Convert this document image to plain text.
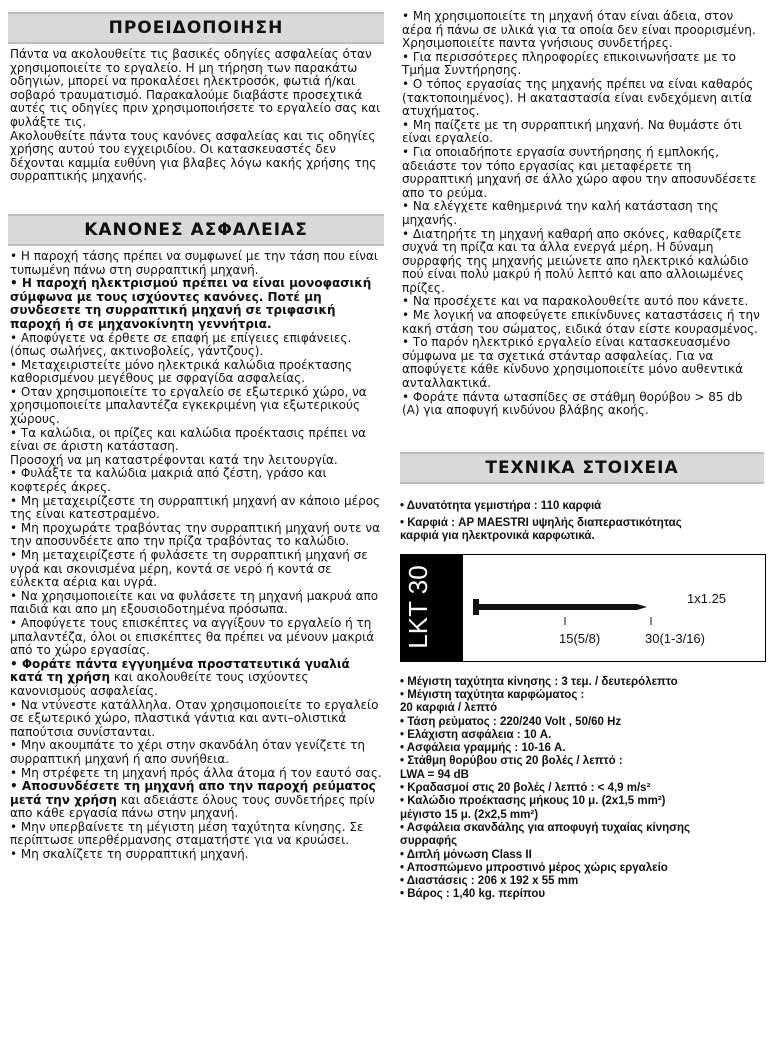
ΠΡΟΕΙΔΟΠΟΙΗΣΗ

Πάντα να ακολουθείτε τις βασικές οδηγίες ασφαλείας όταν χρησιμοποιείτε το εργαλείο. Η μη τήρηση των παρακάτω οδηγιών, μπορεί να προκαλέσει ηλεκτροσόκ, φωτιά ή/και σοβαρό τραυματισμό. Παρακαλούμε διαβάστε προσεχτικά αυτές τις οδηγίες πριν χρησιμοποιήσετε το εργαλείο σας και φυλάξτε τις.

Ακολουθείτε πάντα τους κανόνες ασφαλείας και τις οδηγίες χρήσης αυτού του εγχειριδίου. Οι κατασκευαστές δεν δέχονται καμμία ευθύνη για βλαβες λόγω κακής χρήσης της συρραπτικής μηχανής.

ΚΑΝΟΝΕΣ ΑΣΦΑΛΕΙΑΣ

• Η παροχή τάσης πρέπει να συμφωνεί με την τάση που είναι τυπωμένη πάνω στη συρραπτική μηχανή.

• Η παροχή ηλεκτρισμού πρέπει να είναι μονοφασική σύμφωνα με τους ισχύοντες κανόνες. Ποτέ μη συνδεσετε τη συρραπτική μηχανή σε τριφασική παροχή ή σε μηχανοκίνητη γεννήτρια.

• Αποφύγετε να έρθετε σε επαφή με επίγειες επιφάνειες. (όπως σωλήνες, ακτινοβολείς, γάντζους).

• Μεταχειριστείτε μόνο ηλεκτρικά καλώδια προέκτασης καθορισμένου μεγέθους με σφραγίδα ασφαλείας.

• Οταν χρησιμοποιείτε το εργαλείο σε εξωτερικό χώρο, να χρησιμοποιείτε μπαλαντέζα εγκεκριμένη για εξωτερικούς χώρους.

• Τα καλώδια, οι πρίζες και καλώδια προέκτασις πρέπει να είναι σε άριστη κατάσταση.

Προσοχή να μη καταστρέφονται κατά την λειτουργία.

• Φυλάξτε τα καλώδια μακριά από ζέστη, γράσο και κοφτερές άκρες.

• Μη μεταχειρίζεστε τη συρραπτική μηχανή αν κάποιο μέρος της είναι κατεστραμένο.

• Μη προχωράτε τραβόντας την συρραπτική μηχανή ουτε να την αποσυνδέετε απο την πρίζα τραβόντας το καλώδιο.

• Μη μεταχειρίζεστε ή φυλάσετε τη συρραπτική μηχανή σε υγρά και σκονισμένα μέρη, κοντά σε νερό ή κοντά σε εύλεκτα αέρια και υγρά.

• Να χρησιμοποιείτε και να φυλάσετε τη μηχανή μακρυά απο παιδιά και απο μη εξουσιοδοτημένα πρόσωπα.

• Αποφύγετε τους επισκέπτες να αγγίξουν το εργαλείο ή τη μπαλαντέζα, όλοι οι επισκέπτες θα πρέπει να μένουν μακριά από το χώρο εργασίας.

• Φοράτε πάντα εγγυημένα προστατευτικά γυαλιά κατά τη χρήση και ακολουθείτε τους ισχύοντες κανονισμούς ασφαλείας.

• Να ντύνεστε κατάλληλα. Οταν χρησιμοποιείτε το εργαλείο σε εξωτερικό χώρο, πλαστικά γάντια και αντι–ολιστικά παπούτσια συνίστανται.

• Μην ακουμπάτε το χέρι στην σκανδάλη όταν γενίζετε τη συρραπτική μηχανή ή απο συνήθεια.

• Μη στρέφετε τη μηχανή πρός άλλα άτομα ή τον εαυτό σας.

• Αποσυνδέσετε τη μηχανή απο την παροχή ρεύματος μετά την χρήση και αδειάστε όλους τους συνδετήρες πρίν απο κάθε εργασία πάνω στην μηχανή.

• Μην υπερβαίνετε τη μέγιστη μέση ταχύτητα κίνησης. Σε περίπτωσε υπερθέρμανσης σταματήστε για να κρυώσει.

• Μη σκαλίζετε τη συρραπτική μηχανή.

• Μη χρησιμοποιείτε τη μηχανή όταν είναι άδεια, στον αέρα ή πάνω σε υλικά για τα οποία δεν είναι προορισμένη. Χρησιμοποιείτε παντα γνήσιους συνδετήρες.

• Για περισσότερες πληροφορίες επικοινωνήσατε με το Τμήμα Συντήρησης.

• Ο τόπος εργασίας της μηχανής πρέπει να είναι καθαρός (τακτοποιημένος). Η ακαταστασία είναι ενδεχόμενη αιτία ατυχήματος.

• Μη παίζετε με τη συρραπτική μηχανή. Να θυμάστε ότι είναι εργαλείο.

• Για οποιαδήποτε εργασία συντήρησης ή εμπλοκής, αδειάστε τον τόπο εργασίας και μεταφέρετε τη συρραπτική μηχανή σε άλλο χώρο αφου την αποσυνδέσετε απο το ρεύμα.

• Να ελέγχετε καθημερινά την καλή κατάσταση της μηχανής.

• Διατηρήτε τη μηχανή καθαρή απο σκόνες, καθαρίζετε συχνά τη πρίζα και τα άλλα ενεργά μέρη. Η δύναμη συρραφής της μηχανής μειώνετε απο ηλεκτρικό καλώδιο πού είναι πολύ μακρύ ή πολύ λεπτό και απο αλλοιωμένες πρίζες.

• Να προσέχετε και να παρακολουθείτε αυτό που κάνετε.

• Με λογική να αποφεύγετε επικίνδυνες καταστάσεις ή την κακή στάση του σώματος, ειδικά όταν είστε κουρασμένος.

• Το παρόν ηλεκτρικό εργαλείο είναι κατασκευασμένο σύμφωνα με τα σχετικά στάνταρ ασφαλείας. Για να αποφύγετε κάθε κίνδυνο χρησιμοποιείτε μόνο αυθεντικά ανταλλακτικά.

• Φοράτε πάντα ωτασπίδες σε στάθμη θορύβου > 85 db (A) για αποφυγή κινδύνου βλάβης ακοής.

ΤΕΧΝΙΚΑ ΣΤΟΙΧΕΙΑ

• Δυνατότητα γεμιστήρα : 110 καρφιά

• Καρφιά : AP MAESTRI υψηλής διαπεραστικότητας

καρφιά για ηλεκτρονικά καρφωτικά.

LKT 30	1x1.25
15(5/8)	30(1-3/16)

• Μέγιστη ταχύτητα κίνησης : 3 τεμ. / δευτερόλεπτο

• Μέγιστη ταχύτητα καρφώματος :

20 καρφιά / λεπτό

• Τάση ρεύματος : 220/240 Volt , 50/60 Hz

• Ελάχιστη ασφάλεια : 10 A.

• Ασφάλεια γραμμής : 10-16 A.

• Στάθμη θορύβου στις 20 βολές / λεπτό :

LWA = 94 dB

• Κραδασμοί στις 20 βολές / λεπτό : < 4,9 m/s²

• Καλώδιο προέκτασης μήκους 10 μ. (2x1,5 mm²)

μέγιστο 15 μ. (2x2,5 mm²)

• Ασφάλεια σκανδάλης για αποφυγή τυχαίας κίνησης

συρραφής

• Διπλή μόνωση Class II

• Αποσπώμενο μπροστινό μέρος χώρις εργαλείο

• Διαστάσεις : 206 x 192 x 55 mm

• Βάρος : 1,40 kg. περίπου
